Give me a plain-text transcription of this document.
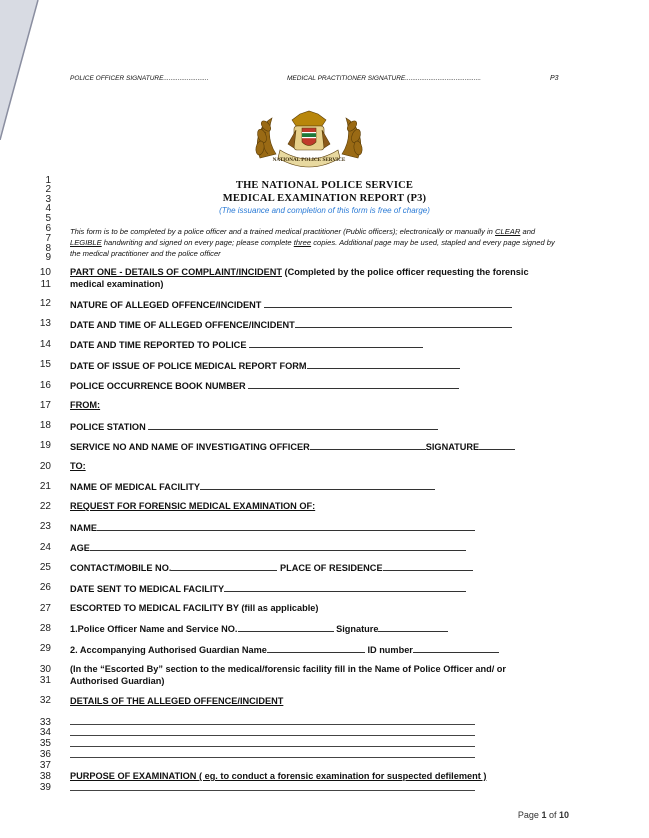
POLICE OFFICER SIGNATURE.........................	MEDICAL PRACTITIONER SIGNATURE..........................................	P3
NATIONAL POLICE SERVICE
1
2
3
4
5
6
7
8
9
10
11
12
13
14
15
16
17
18
19
20
21
22
23
24
25
26
27
28
29
30
31
32
33
34
35
36
37
38
39
THE NATIONAL POLICE SERVICE
MEDICAL EXAMINATION REPORT (P3)
(The issuance and completion of this form is free of charge)
This form is to be completed by a police officer and a trained medical practitioner (Public officers); electronically or manually in CLEAR and LEGIBLE handwriting and signed on every page; please complete three copies. Additional page may be used, stapled and every page signed by the medical practitioner and the police officer
PART ONE - DETAILS OF COMPLAINT/INCIDENT (Completed by the police officer requesting the forensic
medical examination)
NATURE OF ALLEGED OFFENCE/INCIDENT
DATE AND TIME OF ALLEGED OFFENCE/INCIDENT
DATE AND TIME REPORTED TO POLICE
DATE OF ISSUE OF POLICE MEDICAL REPORT FORM
POLICE OCCURRENCE BOOK NUMBER
FROM:
POLICE STATION
SERVICE NO AND NAME OF INVESTIGATING OFFICER	SIGNATURE
TO:
NAME OF MEDICAL FACILITY
REQUEST FOR FORENSIC MEDICAL EXAMINATION OF:
NAME
AGE
CONTACT/MOBILE NO.	PLACE OF RESIDENCE
DATE SENT TO MEDICAL FACILITY
ESCORTED TO MEDICAL FACILITY BY (fill as applicable)
1.Police Officer Name and Service NO.	Signature
2. Accompanying Authorised Guardian Name	ID number
(In the “Escorted By” section to the medical/forensic facility fill in the Name of Police Officer and/ or
Authorised Guardian)
DETAILS OF THE ALLEGED OFFENCE/INCIDENT
PURPOSE OF EXAMINATION ( eg. to conduct a forensic examination for suspected defilement )
Page 1 of 10
